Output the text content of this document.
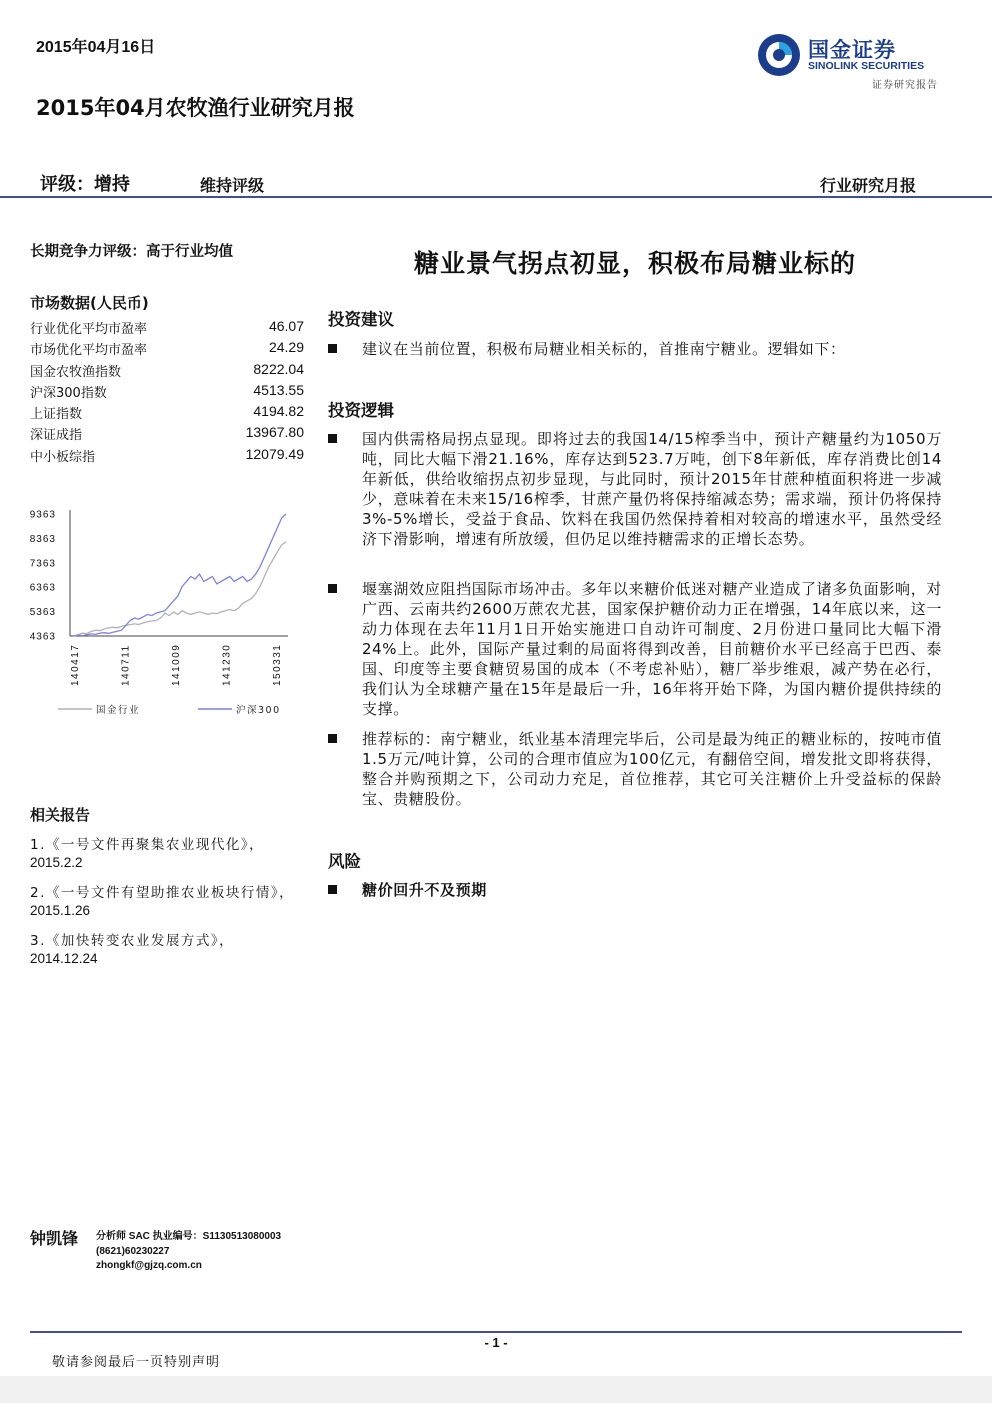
2015年04月16日
2015年04月农牧渔行业研究月报
国金证券
SINOLINK SECURITIES
证券研究报告
评级：增持	维持评级	行业研究月报
长期竞争力评级：高于行业均值
市场数据(人民币)
行业优化平均市盈率	46.07
市场优化平均市盈率	24.29
国金农牧渔指数	8222.04
沪深300指数	4513.55
上证指数	4194.82
深证成指	13967.80
中小板综指	12079.49
9363
8363
7363
6363
5363
4363
140417	140711	141009	141230	150331
国金行业	沪深300
相关报告
1.《一号文件再聚集农业现代化》，
2015.2.2
2.《一号文件有望助推农业板块行情》，
2015.1.26
3.《加快转变农业发展方式》，
2014.12.24
钟凯锋 分析师 SAC 执业编号：S1130513080003
(8621)60230227
zhongkf@gjzq.com.cn
糖业景气拐点初显，积极布局糖业标的
投资建议
建议在当前位置，积极布局糖业相关标的，首推南宁糖业。逻辑如下：
投资逻辑
国内供需格局拐点显现。即将过去的我国14/15榨季当中，预计产糖量约为1050万吨，同比大幅下滑21.16%，库存达到523.7万吨，创下8年新低，库存消费比创14年新低，供给收缩拐点初步显现，与此同时，预计2015年甘蔗种植面积将进一步减少，意味着在未来15/16榨季，甘蔗产量仍将保持缩减态势；需求端，预计仍将保持3%-5%增长，受益于食品、饮料在我国仍然保持着相对较高的增速水平，虽然受经济下滑影响，增速有所放缓，但仍足以维持糖需求的正增长态势。
堰塞湖效应阻挡国际市场冲击。多年以来糖价低迷对糖产业造成了诸多负面影响，对广西、云南共约2600万蔗农尤甚，国家保护糖价动力正在增强，14年底以来，这一动力体现在去年11月1日开始实施进口自动许可制度、2月份进口量同比大幅下滑24%上。此外，国际产量过剩的局面将得到改善，目前糖价水平已经高于巴西、泰国、印度等主要食糖贸易国的成本（不考虑补贴），糖厂举步维艰，减产势在必行，我们认为全球糖产量在15年是最后一升，16年将开始下降，为国内糖价提供持续的支撑。
推荐标的：南宁糖业，纸业基本清理完毕后，公司是最为纯正的糖业标的，按吨市值1.5万元/吨计算，公司的合理市值应为100亿元，有翻倍空间，增发批文即将获得，整合并购预期之下，公司动力充足，首位推荐，其它可关注糖价上升受益标的保龄宝、贵糖股份。
风险
糖价回升不及预期
- 1 -
敬请参阅最后一页特别声明
